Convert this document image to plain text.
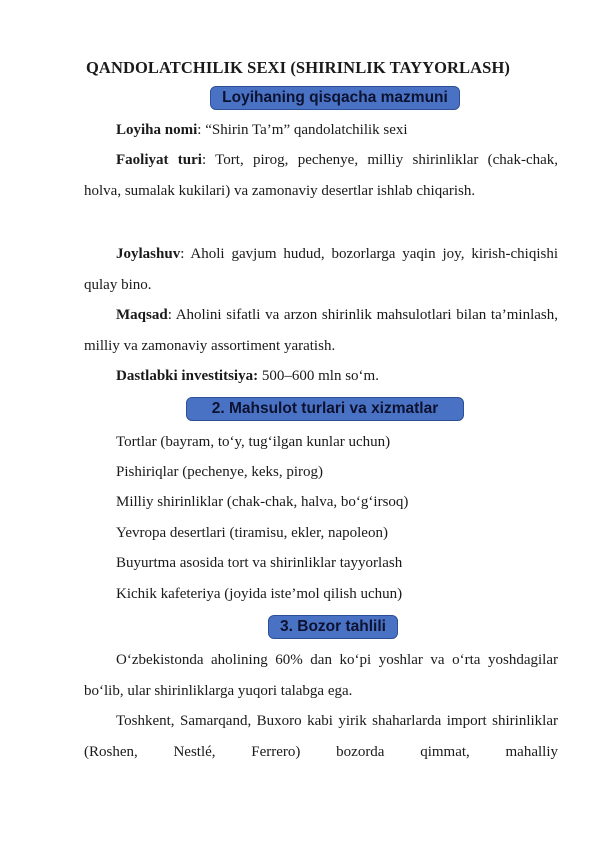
QANDOLATCHILIK SEXI (SHIRINLIK TAYYORLASH)
Loyihaning qisqacha mazmuni
Loyiha nomi: “Shirin Ta’m” qandolatchilik sexi
Faoliyat turi: Tort, pirog, pechenye, milliy shirinliklar (chak-chak, holva, sumalak kukilari) va zamonaviy desertlar ishlab chiqarish.
Joylashuv: Aholi gavjum hudud, bozorlarga yaqin joy, kirish-chiqishi qulay bino.
Maqsad: Aholini sifatli va arzon shirinlik mahsulotlari bilan ta’minlash, milliy va zamonaviy assortiment yaratish.
Dastlabki investitsiya: 500–600 mln so‘m.
2. Mahsulot turlari va xizmatlar
Tortlar (bayram, to‘y, tug‘ilgan kunlar uchun)
Pishiriqlar (pechenye, keks, pirog)
Milliy shirinliklar (chak-chak, halva, bo‘g‘irsoq)
Yevropa desertlari (tiramisu, ekler, napoleon)
Buyurtma asosida tort va shirinliklar tayyorlash
Kichik kafeteriya (joyida iste’mol qilish uchun)
3. Bozor tahlili
O‘zbekistonda aholining 60% dan ko‘pi yoshlar va o‘rta yoshdagilar bo‘lib, ular shirinliklarga yuqori talabga ega.
Toshkent, Samarqand, Buxoro kabi yirik shaharlarda import shirinliklar (Roshen, Nestlé, Ferrero) bozorda qimmat, mahalliy
